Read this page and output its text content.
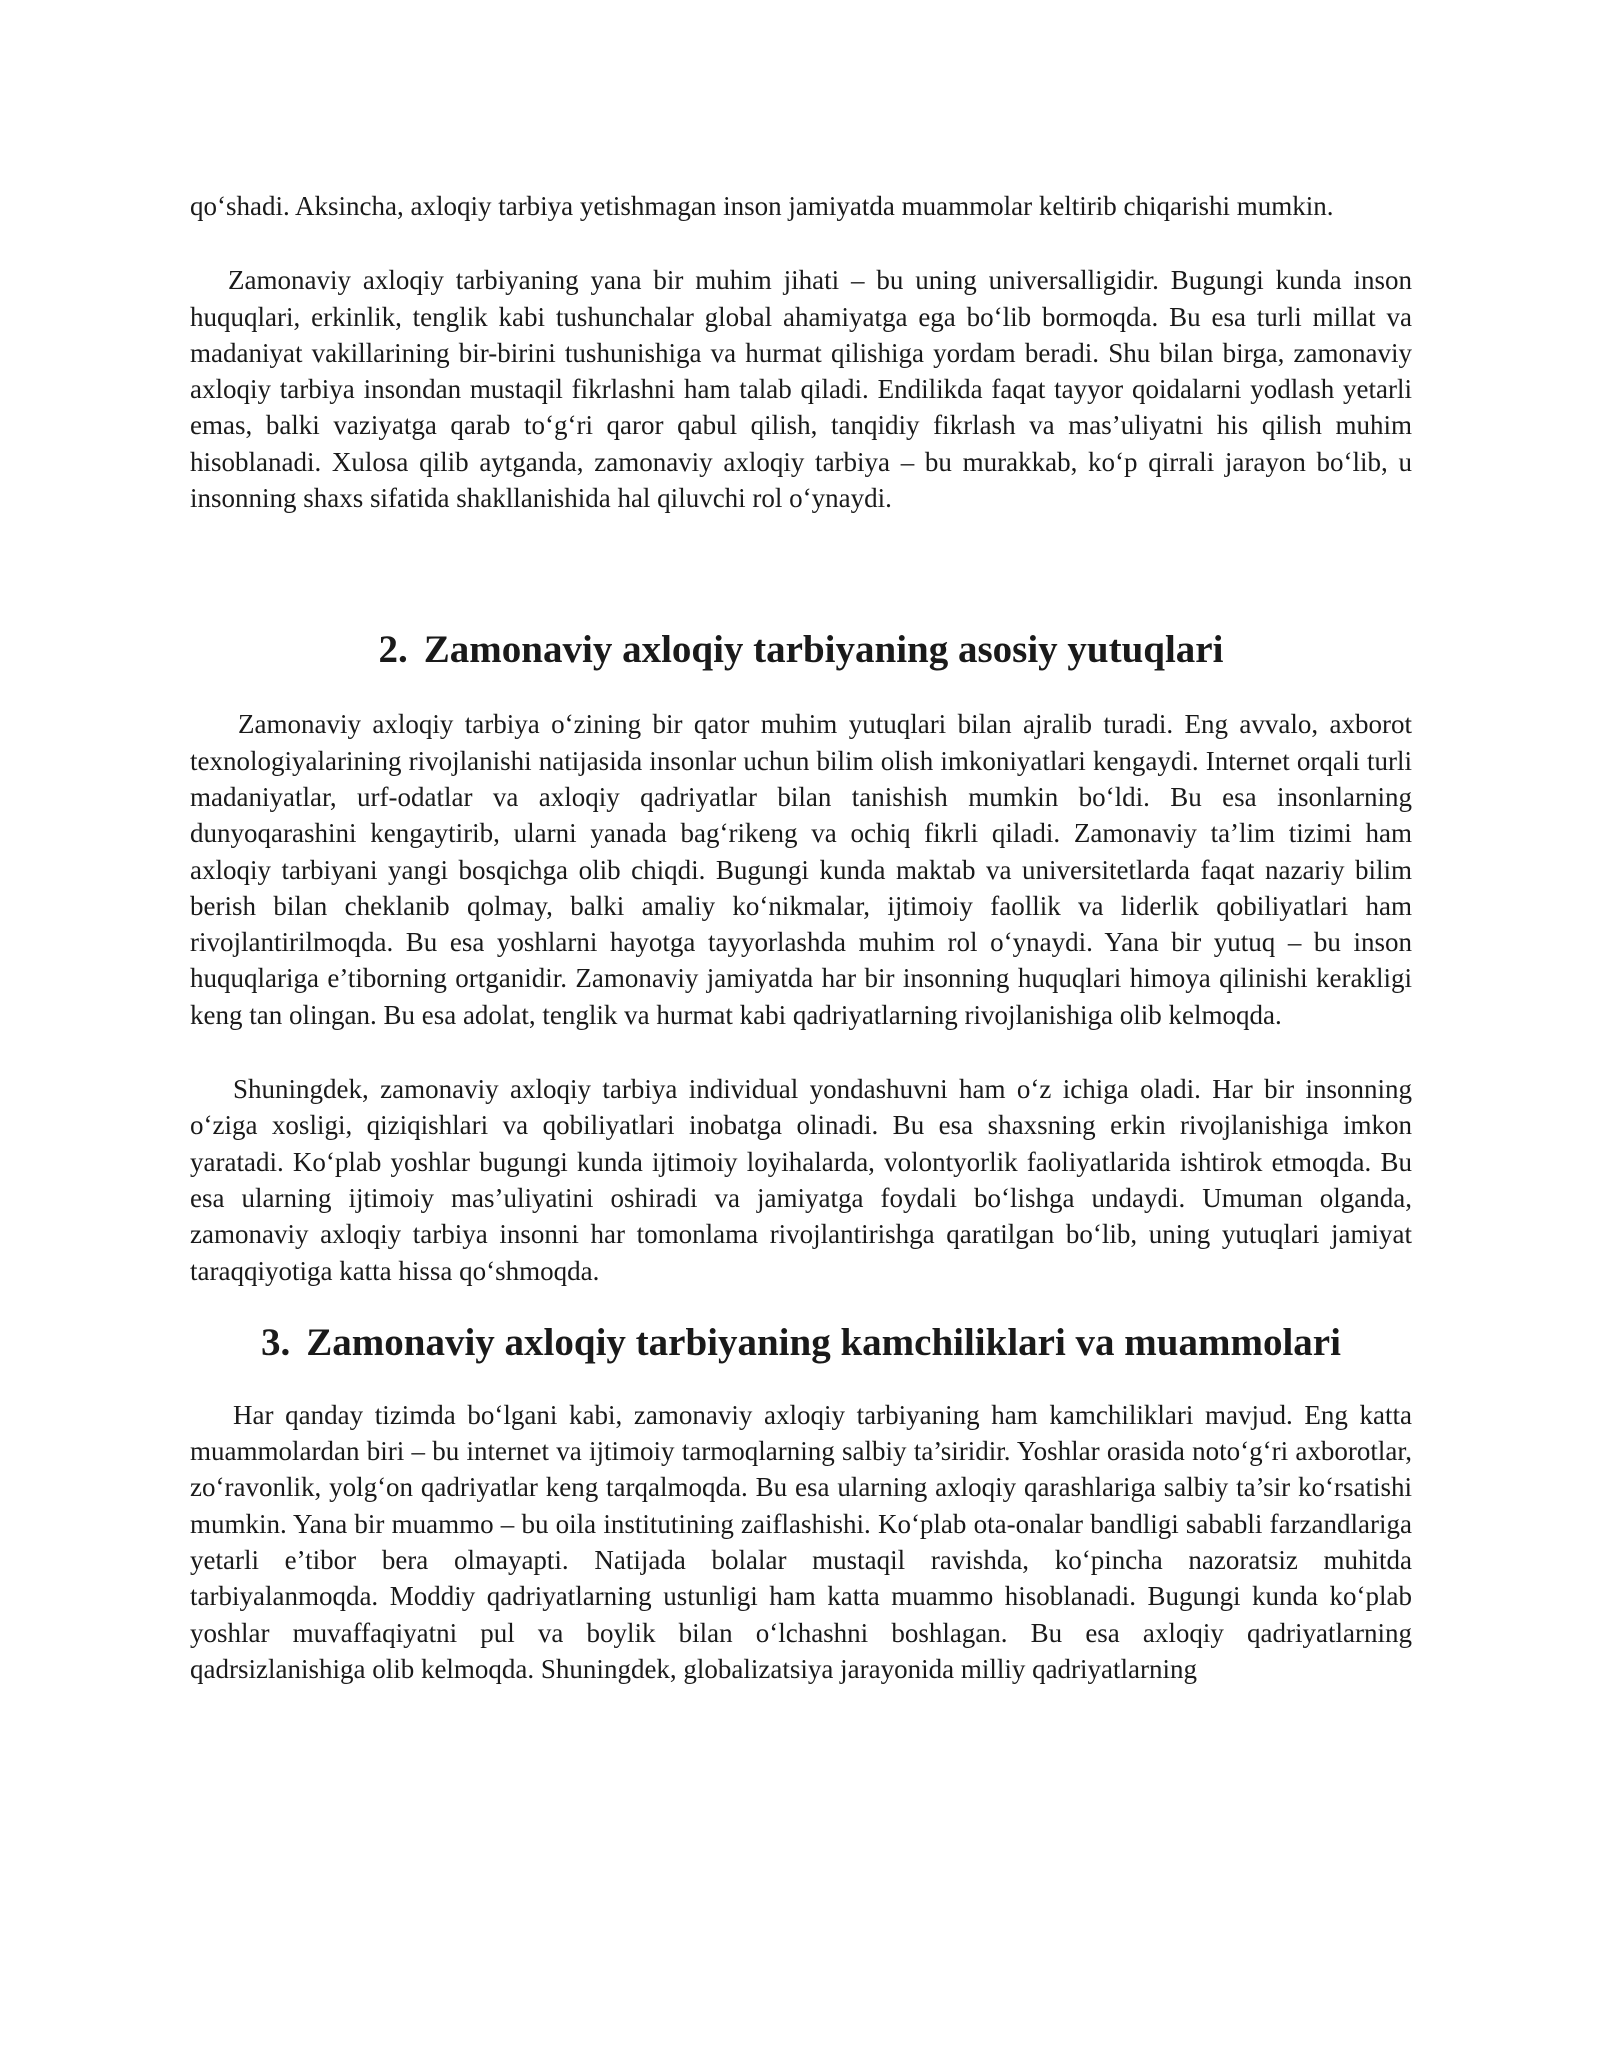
qo‘shadi. Aksincha, axloqiy tarbiya yetishmagan inson jamiyatda muammolar keltirib chiqarishi mumkin.

Zamonaviy axloqiy tarbiyaning yana bir muhim jihati – bu uning universalligidir. Bugungi kunda inson huquqlari, erkinlik, tenglik kabi tushunchalar global ahamiyatga ega bo‘lib bormoqda. Bu esa turli millat va madaniyat vakillarining bir-birini tushunishiga va hurmat qilishiga yordam beradi. Shu bilan birga, zamonaviy axloqiy tarbiya insondan mustaqil fikrlashni ham talab qiladi. Endilikda faqat tayyor qoidalarni yodlash yetarli emas, balki vaziyatga qarab to‘g‘ri qaror qabul qilish, tanqidiy fikrlash va mas’uliyatni his qilish muhim hisoblanadi. Xulosa qilib aytganda, zamonaviy axloqiy tarbiya – bu murakkab, ko‘p qirrali jarayon bo‘lib, u insonning shaxs sifatida shakllanishida hal qiluvchi rol o‘ynaydi.

2. Zamonaviy axloqiy tarbiyaning asosiy yutuqlari

Zamonaviy axloqiy tarbiya o‘zining bir qator muhim yutuqlari bilan ajralib turadi. Eng avvalo, axborot texnologiyalarining rivojlanishi natijasida insonlar uchun bilim olish imkoniyatlari kengaydi. Internet orqali turli madaniyatlar, urf-odatlar va axloqiy qadriyatlar bilan tanishish mumkin bo‘ldi. Bu esa insonlarning dunyoqarashini kengaytirib, ularni yanada bag‘rikeng va ochiq fikrli qiladi. Zamonaviy ta’lim tizimi ham axloqiy tarbiyani yangi bosqichga olib chiqdi. Bugungi kunda maktab va universitetlarda faqat nazariy bilim berish bilan cheklanib qolmay, balki amaliy ko‘nikmalar, ijtimoiy faollik va liderlik qobiliyatlari ham rivojlantirilmoqda. Bu esa yoshlarni hayotga tayyorlashda muhim rol o‘ynaydi. Yana bir yutuq – bu inson huquqlariga e’tiborning ortganidir. Zamonaviy jamiyatda har bir insonning huquqlari himoya qilinishi kerakligi keng tan olingan. Bu esa adolat, tenglik va hurmat kabi qadriyatlarning rivojlanishiga olib kelmoqda.

Shuningdek, zamonaviy axloqiy tarbiya individual yondashuvni ham o‘z ichiga oladi. Har bir insonning o‘ziga xosligi, qiziqishlari va qobiliyatlari inobatga olinadi. Bu esa shaxsning erkin rivojlanishiga imkon yaratadi. Ko‘plab yoshlar bugungi kunda ijtimoiy loyihalarda, volontyorlik faoliyatlarida ishtirok etmoqda. Bu esa ularning ijtimoiy mas’uliyatini oshiradi va jamiyatga foydali bo‘lishga undaydi. Umuman olganda, zamonaviy axloqiy tarbiya insonni har tomonlama rivojlantirishga qaratilgan bo‘lib, uning yutuqlari jamiyat taraqqiyotiga katta hissa qo‘shmoqda.

3. Zamonaviy axloqiy tarbiyaning kamchiliklari va muammolari

Har qanday tizimda bo‘lgani kabi, zamonaviy axloqiy tarbiyaning ham kamchiliklari mavjud. Eng katta muammolardan biri – bu internet va ijtimoiy tarmoqlarning salbiy ta’siridir. Yoshlar orasida noto‘g‘ri axborotlar, zo‘ravonlik, yolg‘on qadriyatlar keng tarqalmoqda. Bu esa ularning axloqiy qarashlariga salbiy ta’sir ko‘rsatishi mumkin. Yana bir muammo – bu oila institutining zaiflashishi. Ko‘plab ota-onalar bandligi sababli farzandlariga yetarli e’tibor bera olmayapti. Natijada bolalar mustaqil ravishda, ko‘pincha nazoratsiz muhitda tarbiyalanmoqda. Moddiy qadriyatlarning ustunligi ham katta muammo hisoblanadi. Bugungi kunda ko‘plab yoshlar muvaffaqiyatni pul va boylik bilan o‘lchashni boshlagan. Bu esa axloqiy qadriyatlarning qadrsizlanishiga olib kelmoqda. Shuningdek, globalizatsiya jarayonida milliy qadriyatlarning
